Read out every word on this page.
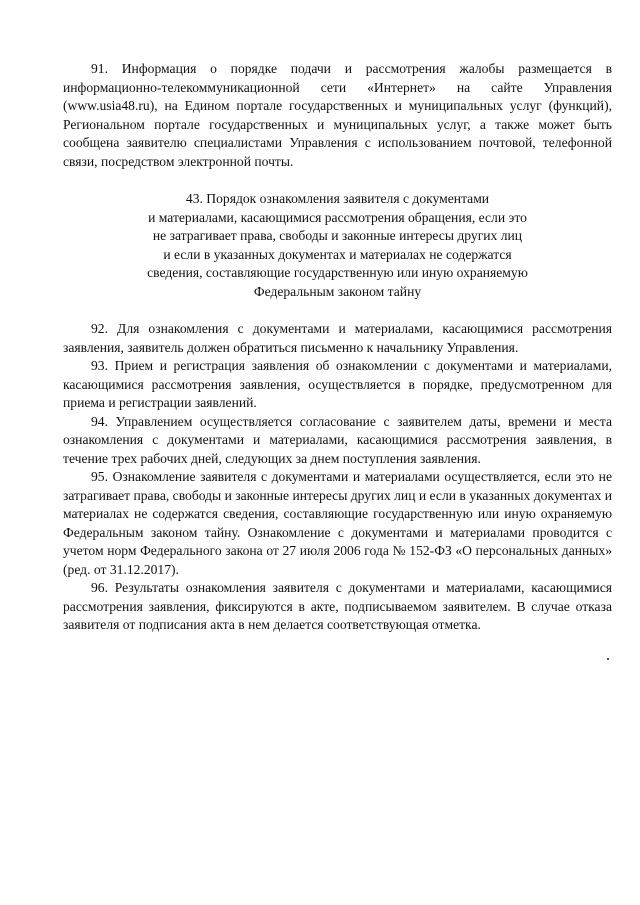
91. Информация о порядке подачи и рассмотрения жалобы размещается в информационно-телекоммуникационной сети «Интернет» на сайте Управления (www.usia48.ru), на Едином портале государственных и муниципальных услуг (функций), Региональном портале государственных и муниципальных услуг, а также может быть сообщена заявителю специалистами Управления с использованием почтовой, телефонной связи, посредством электронной почты.

43. Порядок ознакомления заявителя с документами
и материалами, касающимися рассмотрения обращения, если это
не затрагивает права, свободы и законные интересы других лиц
и если в указанных документах и материалах не содержатся
сведения, составляющие государственную или иную охраняемую
Федеральным законом тайну

92. Для ознакомления с документами и материалами, касающимися рассмотрения заявления, заявитель должен обратиться письменно к начальнику Управления.

93. Прием и регистрация заявления об ознакомлении с документами и материалами, касающимися рассмотрения заявления, осуществляется в порядке, предусмотренном для приема и регистрации заявлений.

94. Управлением осуществляется согласование с заявителем даты, времени и места ознакомления с документами и материалами, касающимися рассмотрения заявления, в течение трех рабочих дней, следующих за днем поступления заявления.

95. Ознакомление заявителя с документами и материалами осуществляется, если это не затрагивает права, свободы и законные интересы других лиц и если в указанных документах и материалах не содержатся сведения, составляющие государственную или иную охраняемую Федеральным законом тайну. Ознакомление с документами и материалами проводится с учетом норм Федерального закона от 27 июля 2006 года № 152-ФЗ «О персональных данных» (ред. от 31.12.2017).

96. Результаты ознакомления заявителя с документами и материалами, касающимися рассмотрения заявления, фиксируются в акте, подписываемом заявителем. В случае отказа заявителя от подписания акта в нем делается соответствующая отметка.
